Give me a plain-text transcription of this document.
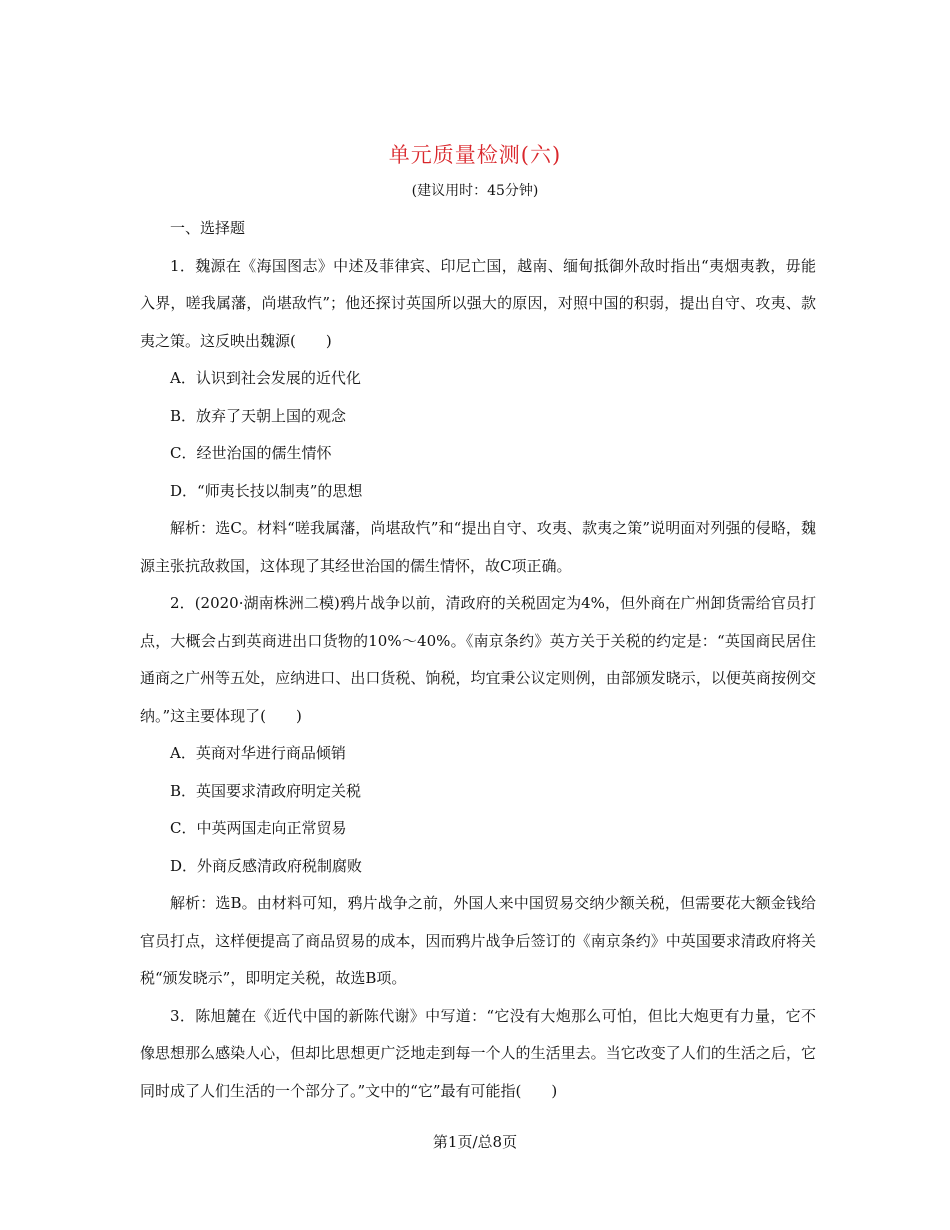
单元质量检测(六)
(建议用时：45分钟)

一、选择题

1．魏源在《海国图志》中述及菲律宾、印尼亡国，越南、缅甸抵御外敌时指出“夷烟夷教，毋能入界，嗟我属藩，尚堪敌忾”；他还探讨英国所以强大的原因，对照中国的积弱，提出自守、攻夷、款夷之策。这反映出魏源(　　)

A．认识到社会发展的近代化

B．放弃了天朝上国的观念

C．经世治国的儒生情怀

D．“师夷长技以制夷”的思想

解析：选C。材料“嗟我属藩，尚堪敌忾”和“提出自守、攻夷、款夷之策”说明面对列强的侵略，魏源主张抗敌救国，这体现了其经世治国的儒生情怀，故C项正确。

2．(2020·湖南株洲二模)鸦片战争以前，清政府的关税固定为4%，但外商在广州卸货需给官员打点，大概会占到英商进出口货物的10%～40%。《南京条约》英方关于关税的约定是：“英国商民居住通商之广州等五处，应纳进口、出口货税、饷税，均宜秉公议定则例，由部颁发晓示，以便英商按例交纳。”这主要体现了(　　)

A．英商对华进行商品倾销

B．英国要求清政府明定关税

C．中英两国走向正常贸易

D．外商反感清政府税制腐败

解析：选B。由材料可知，鸦片战争之前，外国人来中国贸易交纳少额关税，但需要花大额金钱给官员打点，这样便提高了商品贸易的成本，因而鸦片战争后签订的《南京条约》中英国要求清政府将关税“颁发晓示”，即明定关税，故选B项。

3．陈旭麓在《近代中国的新陈代谢》中写道：“它没有大炮那么可怕，但比大炮更有力量，它不像思想那么感染人心，但却比思想更广泛地走到每一个人的生活里去。当它改变了人们的生活之后，它同时成了人们生活的一个部分了。”文中的“它”最有可能指(　　)

第1页/总8页
